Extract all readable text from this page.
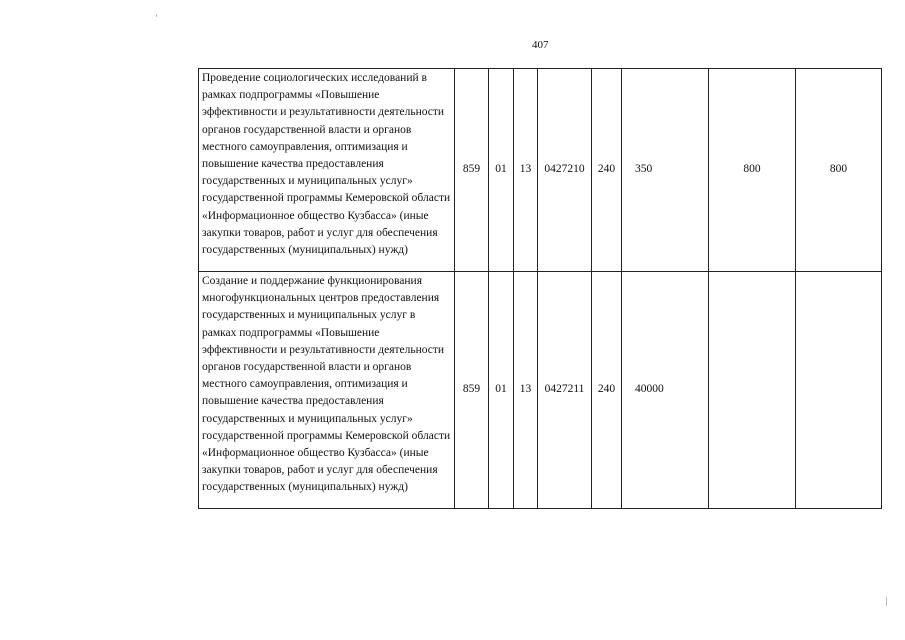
407
Проведение социологических исследований в рамках подпрограммы «Повышение эффективности и результативности деятельности органов государственной власти и органов местного самоуправления, оптимизация и повышение качества предоставления государственных и муниципальных услуг» государственной программы Кемеровской области «Информационное общество Кузбасса» (иные закупки товаров, работ и услуг для обеспечения государственных (муниципальных) нужд)	859	01	13	0427210	240	350	800	800
Создание и поддержание функционирования многофункциональных центров предоставления государственных и муниципальных услуг в рамках подпрограммы «Повышение эффективности и результативности деятельности органов государственной власти и органов местного самоуправления, оптимизация и повышение качества предоставления государственных и муниципальных услуг» государственной программы Кемеровской области «Информационное общество Кузбасса» (иные закупки товаров, работ и услуг для обеспечения государственных (муниципальных) нужд)	859	01	13	0427211	240	40000		
